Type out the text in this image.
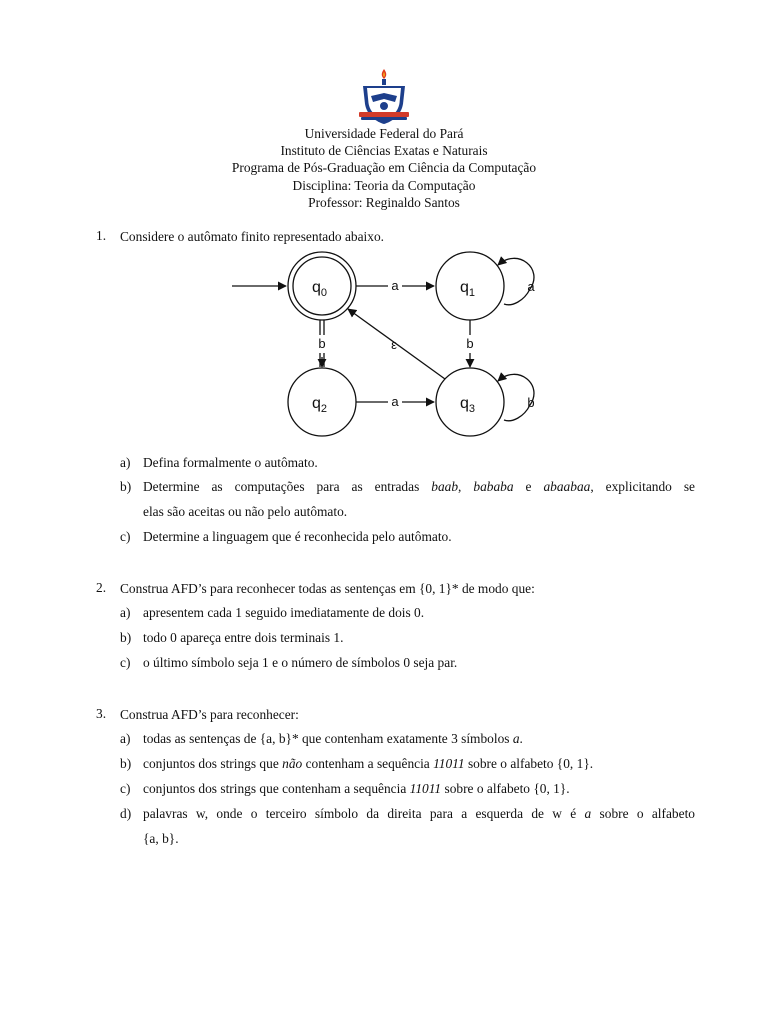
Universidade Federal do Pará
Instituto de Ciências Exatas e Naturais
Programa de Pós-Graduação em Ciência da Computação
Disciplina: Teoria da Computação
Professor: Reginaldo Santos
1. Considere o autômato finito representado abaixo.
$q_0$	$q_1$
$q_2$	$q_3$
a	a
b	b
ε
a	b
a) Defina formalmente o autômato.
b) Determine as computações para as entradas baab, bababa e abaabaa, explicitando se
elas são aceitas ou não pelo autômato.
c) Determine a linguagem que é reconhecida pelo autômato.
2. Construa AFD’s para reconhecer todas as sentenças em {0, 1}* de modo que:
a) apresentem cada 1 seguido imediatamente de dois 0.
b) todo 0 apareça entre dois terminais 1.
c) o último símbolo seja 1 e o número de símbolos 0 seja par.
3. Construa AFD’s para reconhecer:
a) todas as sentenças de {a, b}* que contenham exatamente 3 símbolos a.
b) conjuntos dos strings que não contenham a sequência 11011 sobre o alfabeto {0, 1}.
c) conjuntos dos strings que contenham a sequência 11011 sobre o alfabeto {0, 1}.
d) palavras w, onde o terceiro símbolo da direita para a esquerda de w é a sobre o alfabeto
{a, b}.
